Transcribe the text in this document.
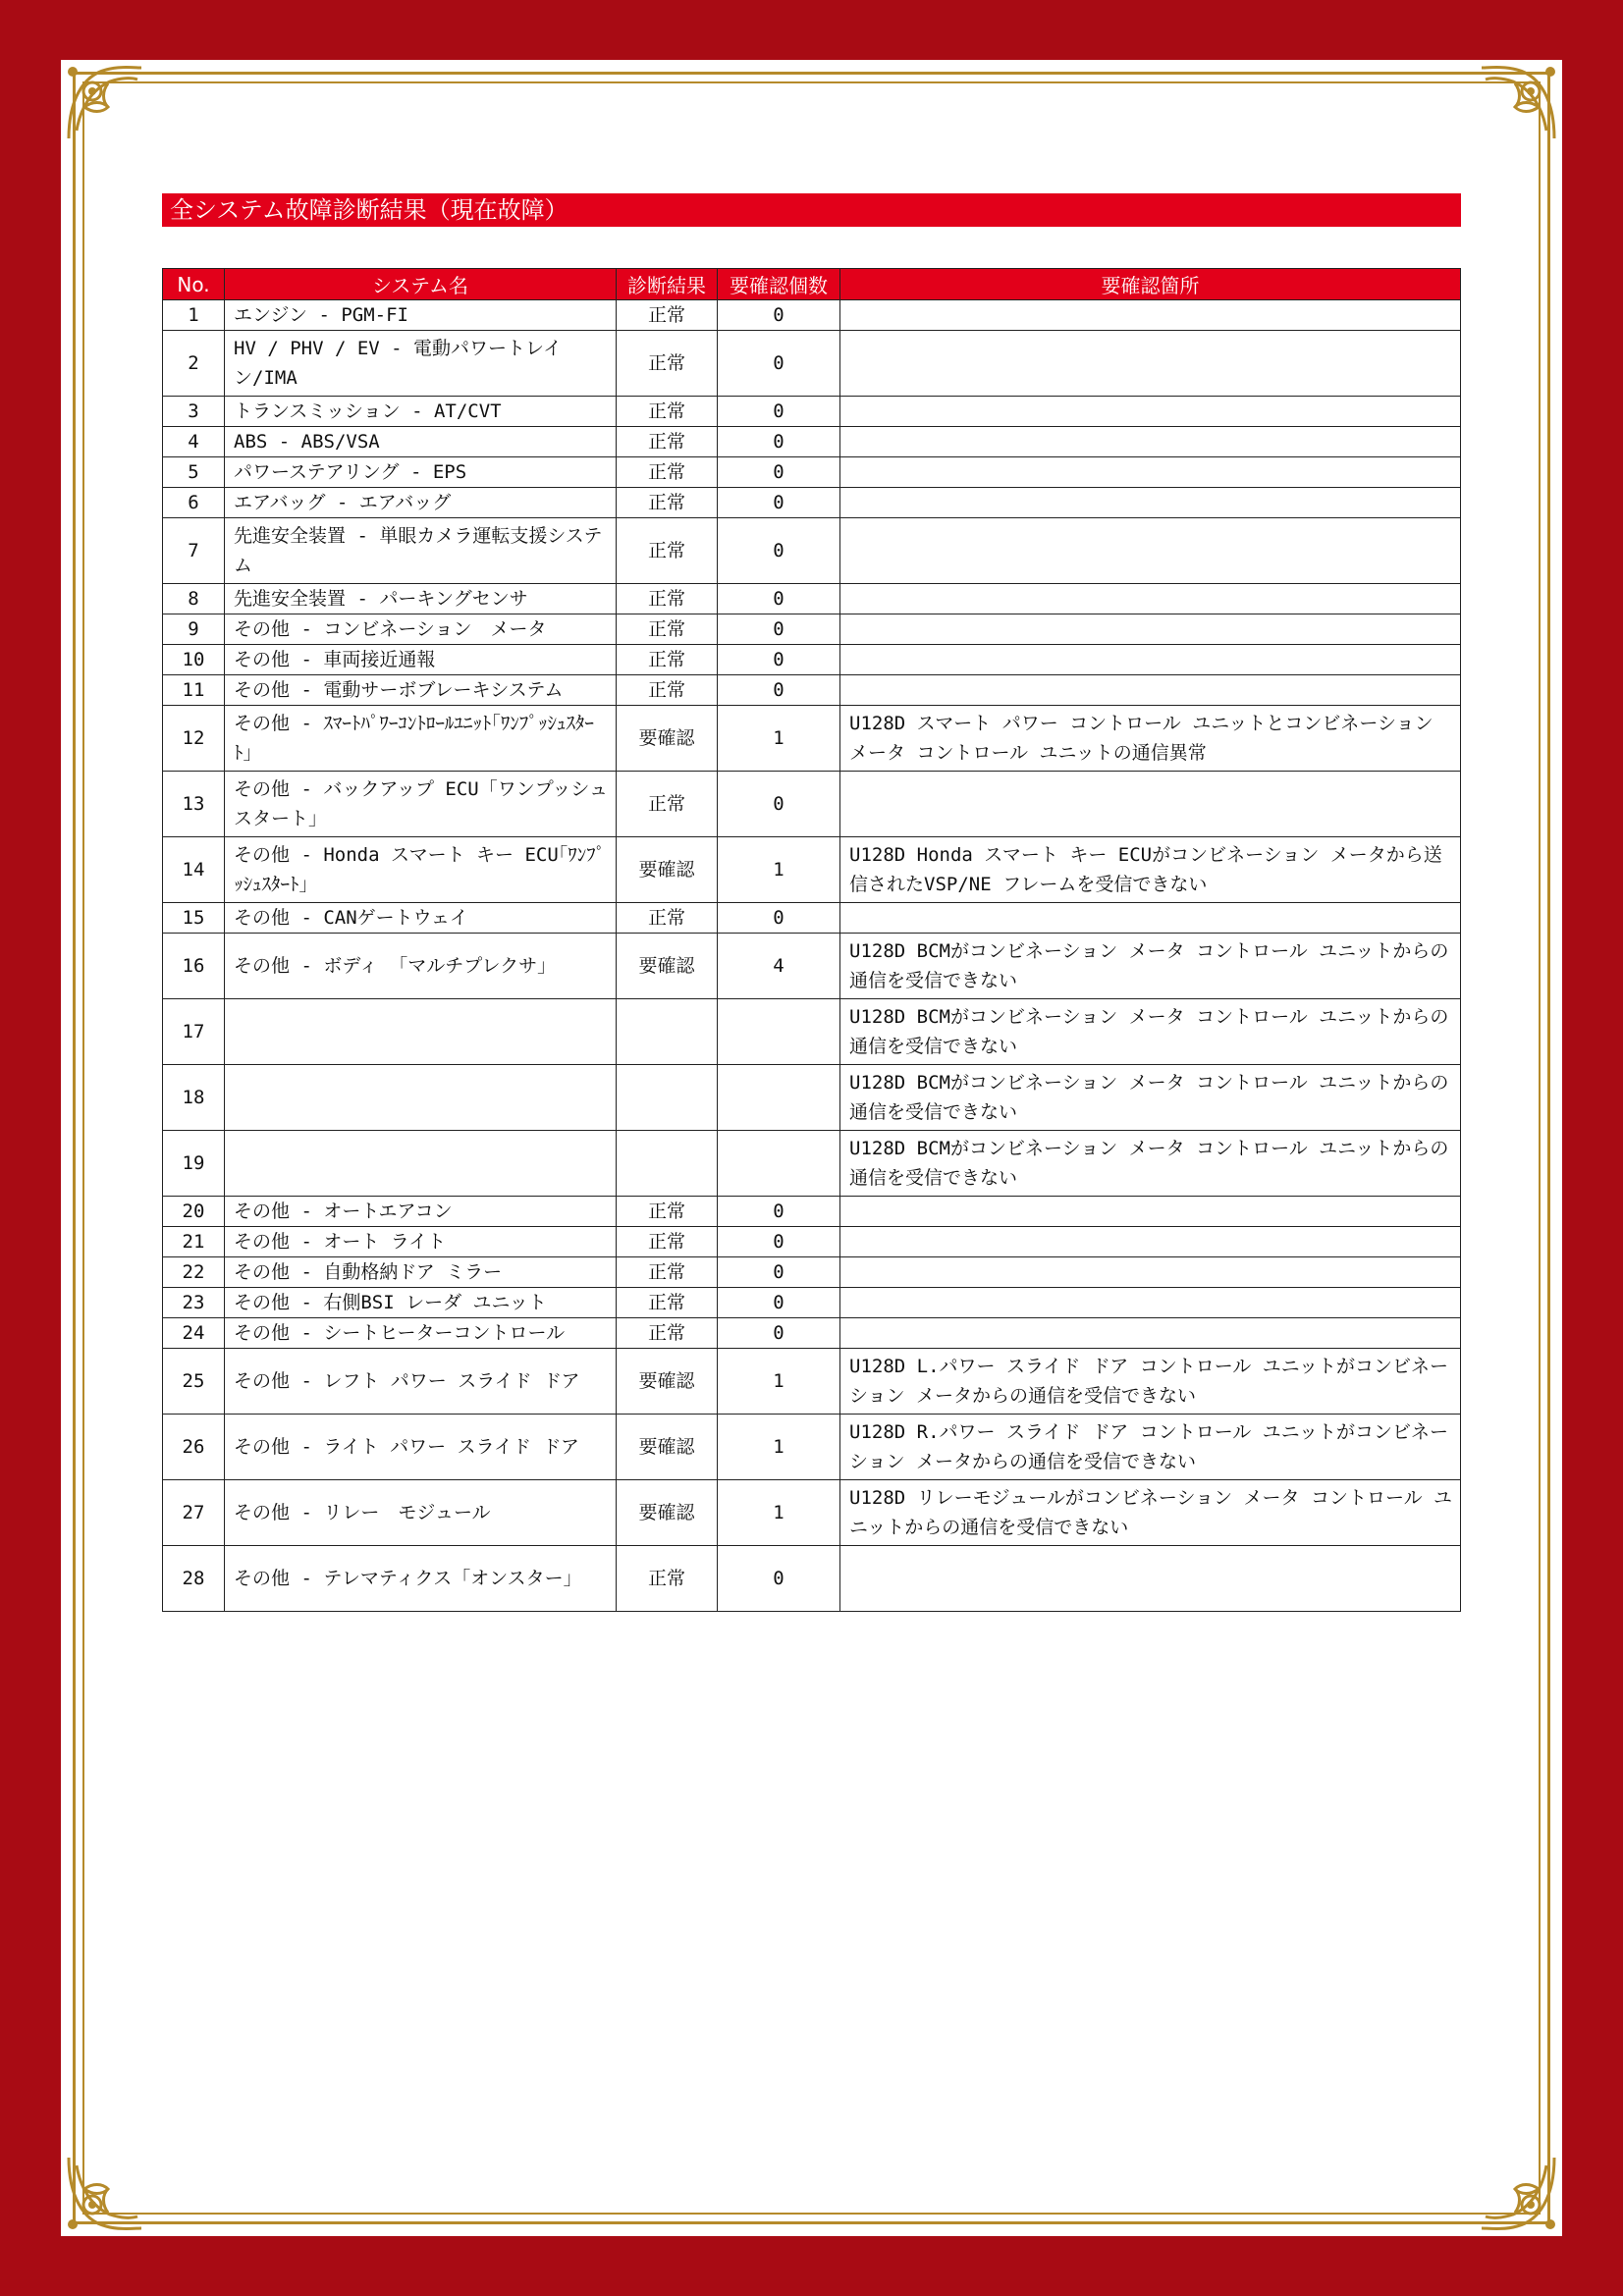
全システム故障診断結果（現在故障）
No.	システム名	診断結果	要確認個数	要確認箇所
1	エンジン - PGM-FI	正常	0	
2	HV / PHV / EV - 電動パワートレイン/IMA	正常	0	
3	トランスミッション - AT/CVT	正常	0	
4	ABS - ABS/VSA	正常	0	
5	パワーステアリング - EPS	正常	0	
6	エアバッグ - エアバッグ	正常	0	
7	先進安全装置 - 単眼カメラ運転支援システム	正常	0	
8	先進安全装置 - パーキングセンサ	正常	0	
9	その他 - コンビネーション　メータ	正常	0	
10	その他 - 車両接近通報	正常	0	
11	その他 - 電動サーボブレーキシステム	正常	0	
12	その他 - ｽﾏｰﾄﾊﾟﾜｰｺﾝﾄﾛｰﾙﾕﾆｯﾄ｢ﾜﾝﾌﾟｯｼｭｽﾀｰﾄ｣	要確認	1	U128D スマート パワー コントロール ユニットとコンビネーション メータ コントロール ユニットの通信異常
13	その他 - バックアップ ECU「ワンプッシュスタート」	正常	0	
14	その他 - Honda スマート キー ECU｢ﾜﾝﾌﾟｯｼｭｽﾀｰﾄ｣	要確認	1	U128D Honda スマート キー ECUがコンビネーション メータから送信されたVSP/NE フレームを受信できない
15	その他 - CANゲートウェイ	正常	0	
16	その他 - ボディ 「マルチプレクサ」	要確認	4	U128D BCMがコンビネーション メータ コントロール ユニットからの通信を受信できない
17				U128D BCMがコンビネーション メータ コントロール ユニットからの通信を受信できない
18				U128D BCMがコンビネーション メータ コントロール ユニットからの通信を受信できない
19				U128D BCMがコンビネーション メータ コントロール ユニットからの通信を受信できない
20	その他 - オートエアコン	正常	0	
21	その他 - オート ライト	正常	0	
22	その他 - 自動格納ドア ミラー	正常	0	
23	その他 - 右側BSI レーダ ユニット	正常	0	
24	その他 - シートヒーターコントロール	正常	0	
25	その他 - レフト パワー スライド ドア	要確認	1	U128D L.パワー スライド ドア コントロール ユニットがコンビネーション メータからの通信を受信できない
26	その他 - ライト パワー スライド ドア	要確認	1	U128D R.パワー スライド ドア コントロール ユニットがコンビネーション メータからの通信を受信できない
27	その他 - リレー　モジュール	要確認	1	U128D リレーモジュールがコンビネーション メータ コントロール ユニットからの通信を受信できない
28	その他 - テレマティクス「オンスター」	正常	0	
